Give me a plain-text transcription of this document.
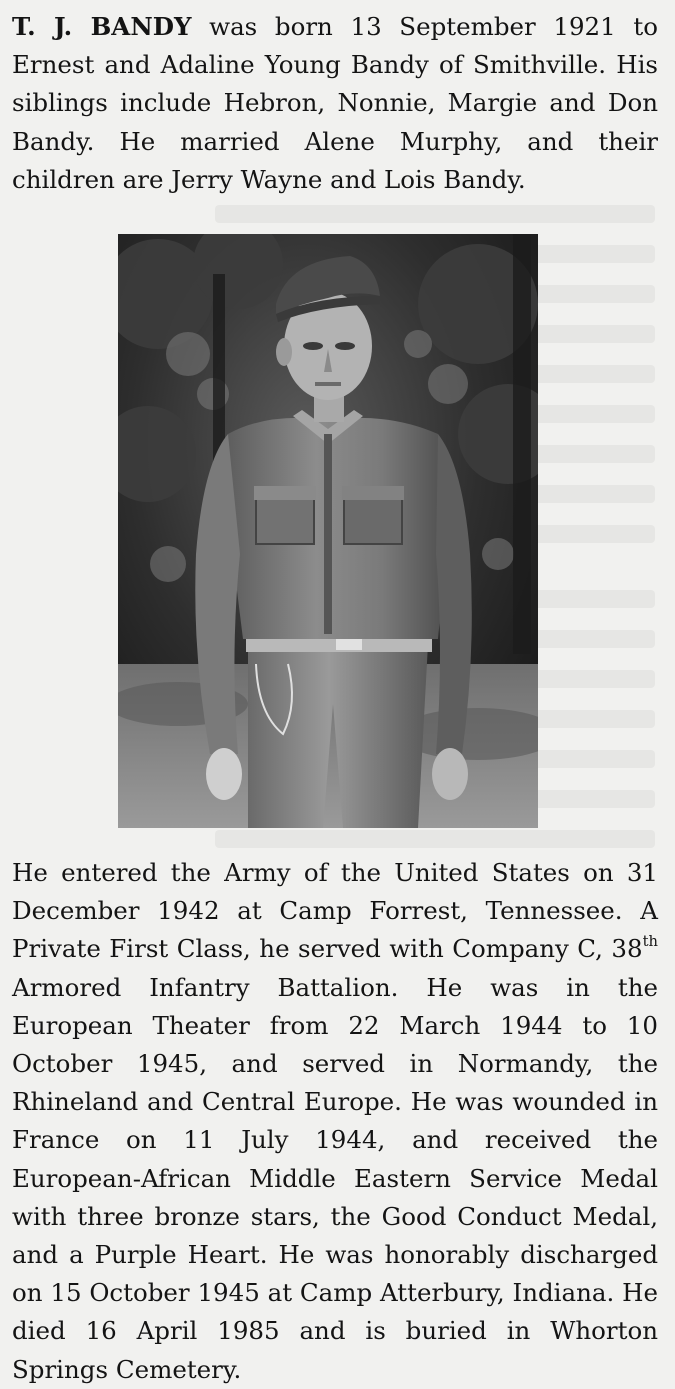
T. J. BANDY was born 13 September 1921 to Ernest and Adaline Young Bandy of Smithville. His siblings include Hebron, Nonnie, Margie and Don Bandy. He married Alene Murphy, and their children are Jerry Wayne and Lois Bandy.

He entered the Army of the United States on 31 December 1942 at Camp Forrest, Tennessee. A Private First Class, he served with Company C, 38th Armored Infantry Battalion. He was in the European Theater from 22 March 1944 to 10 October 1945, and served in Normandy, the Rhineland and Central Europe. He was wounded in France on 11 July 1944, and received the European-African Middle Eastern Service Medal with three bronze stars, the Good Conduct Medal, and a Purple Heart. He was honorably discharged on 15 October 1945 at Camp Atterbury, Indiana. He died 16 April 1985 and is buried in Whorton Springs Cemetery.
